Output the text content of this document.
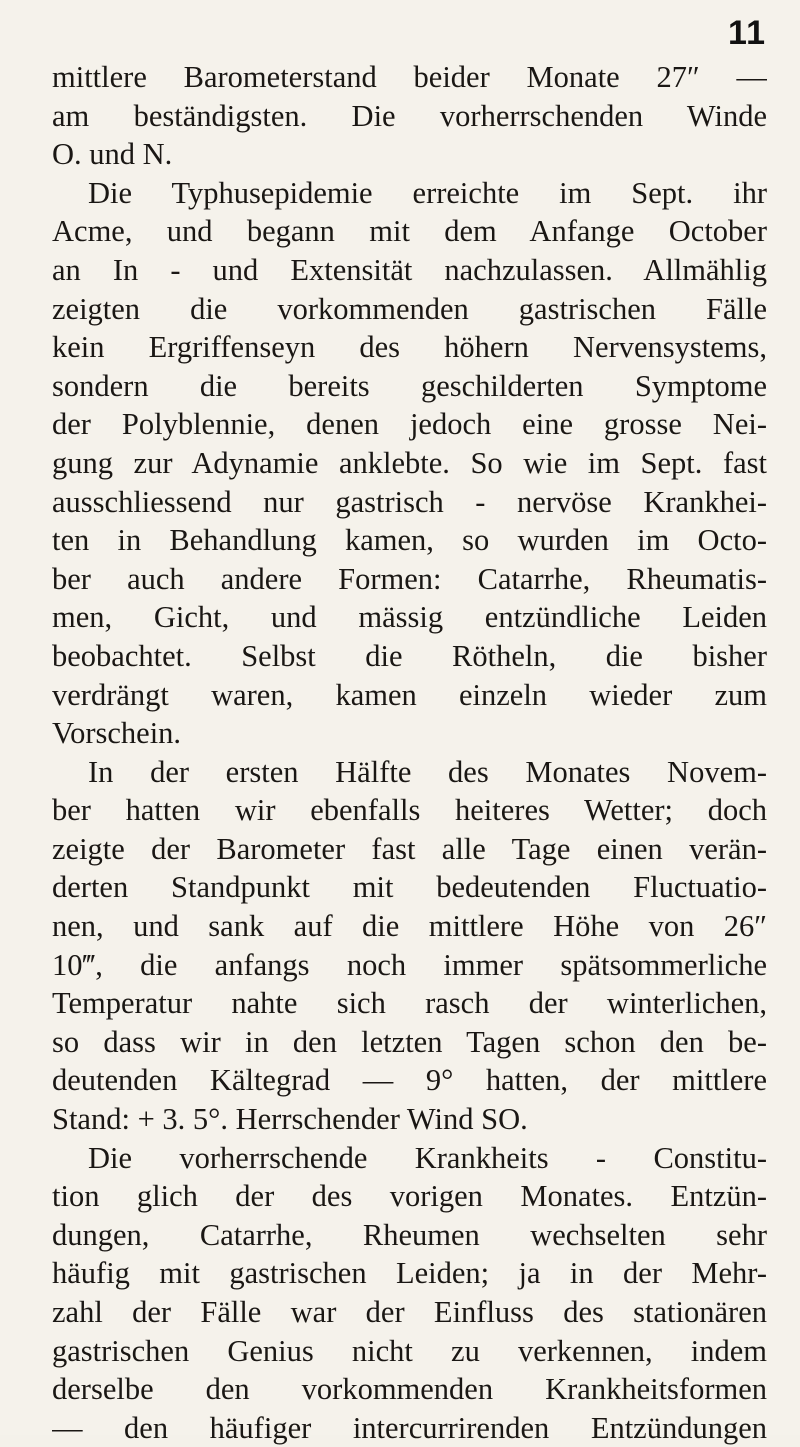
11
mittlere Barometerstand beider Monate 27″ —
am beständigsten. Die vorherrschenden Winde
O. und N.
Die Typhusepidemie erreichte im Sept. ihr
Acme, und begann mit dem Anfange October
an In - und Extensität nachzulassen. Allmählig
zeigten die vorkommenden gastrischen Fälle
kein Ergriffenseyn des höhern Nervensystems,
sondern die bereits geschilderten Symptome
der Polyblennie, denen jedoch eine grosse Nei-
gung zur Adynamie anklebte. So wie im Sept. fast
ausschliessend nur gastrisch - nervöse Krankhei-
ten in Behandlung kamen, so wurden im Octo-
ber auch andere Formen: Catarrhe, Rheumatis-
men, Gicht, und mässig entzündliche Leiden
beobachtet. Selbst die Rötheln, die bisher
verdrängt waren, kamen einzeln wieder zum
Vorschein.
In der ersten Hälfte des Monates Novem-
ber hatten wir ebenfalls heiteres Wetter; doch
zeigte der Barometer fast alle Tage einen verän-
derten Standpunkt mit bedeutenden Fluctuatio-
nen, und sank auf die mittlere Höhe von 26″
10‴, die anfangs noch immer spätsommerliche
Temperatur nahte sich rasch der winterlichen,
so dass wir in den letzten Tagen schon den be-
deutenden Kältegrad — 9° hatten, der mittlere
Stand: + 3. 5°. Herrschender Wind SO.
Die vorherrschende Krankheits - Constitu-
tion glich der des vorigen Monates. Entzün-
dungen, Catarrhe, Rheumen wechselten sehr
häufig mit gastrischen Leiden; ja in der Mehr-
zahl der Fälle war der Einfluss des stationären
gastrischen Genius nicht zu verkennen, indem
derselbe den vorkommenden Krankheitsformen
— den häufiger intercurrirenden Entzündungen
